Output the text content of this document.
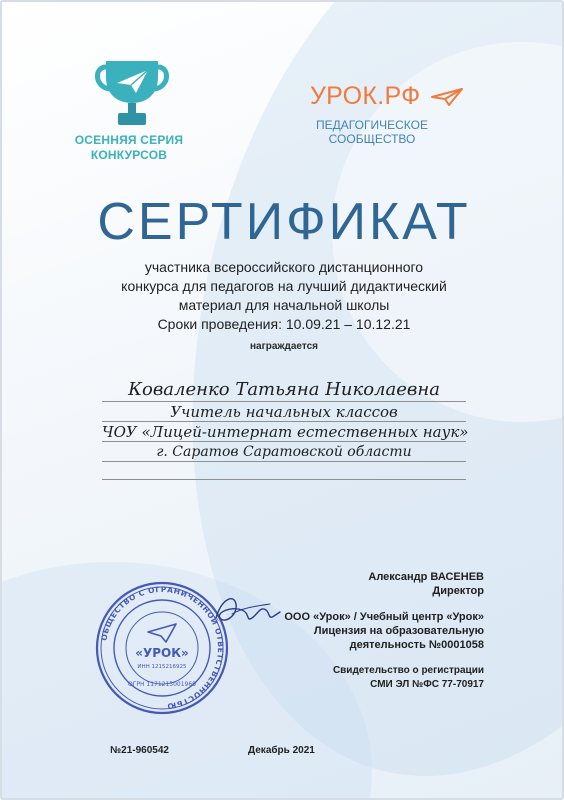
ОСЕННЯЯ СЕРИЯ
КОНКУРСОВ
УРОК.РФ
ПЕДАГОГИЧЕСКОЕ
СООБЩЕСТВО
СЕРТИФИКАТ
участника всероссийского дистанционного
конкурса для педагогов на лучший дидактический
материал для начальной школы
Сроки проведения: 10.09.21 – 10.12.21
награждается
Коваленко Татьяна Николаевна
Учитель начальных классов
ЧОУ «Лицей-интернат естественных наук»
г. Саратов Саратовской области
ОБЩЕСТВО С ОГРАНИЧЕННОЙ ОТВЕТСТВЕННОСТЬЮ
«УРОК»
ИНН 1215216925
ОГРН 1171215001969
Александр ВАСЕНЕВ
Директор
ООО «Урок» / Учебный центр «Урок»
Лицензия на образовательную
деятельность №0001058
Свидетельство о регистрации
СМИ ЭЛ №ФС 77-70917
№21-960542	Декабрь 2021
